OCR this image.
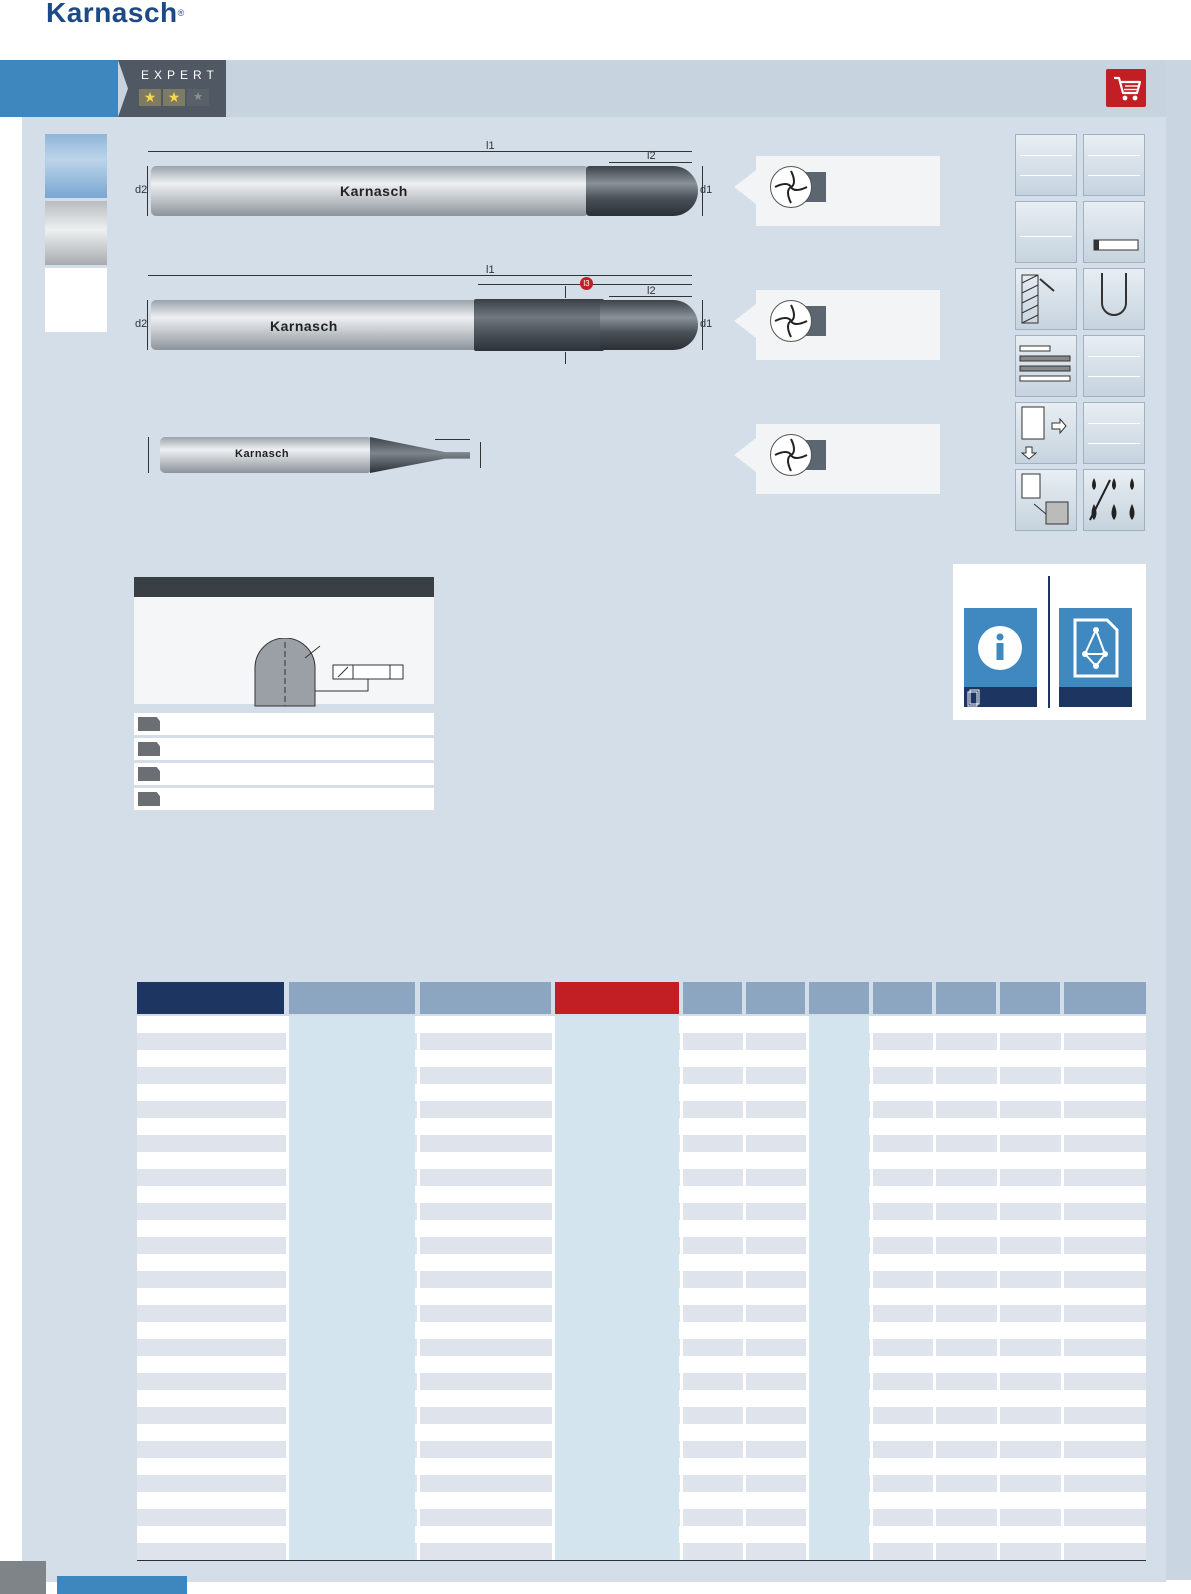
Karnasch®
EXPERT
★ ★	★
l1
l2
Karnasch
d2	d1
l1
l3
l2
Karnasch
d2	d1
Karnasch
